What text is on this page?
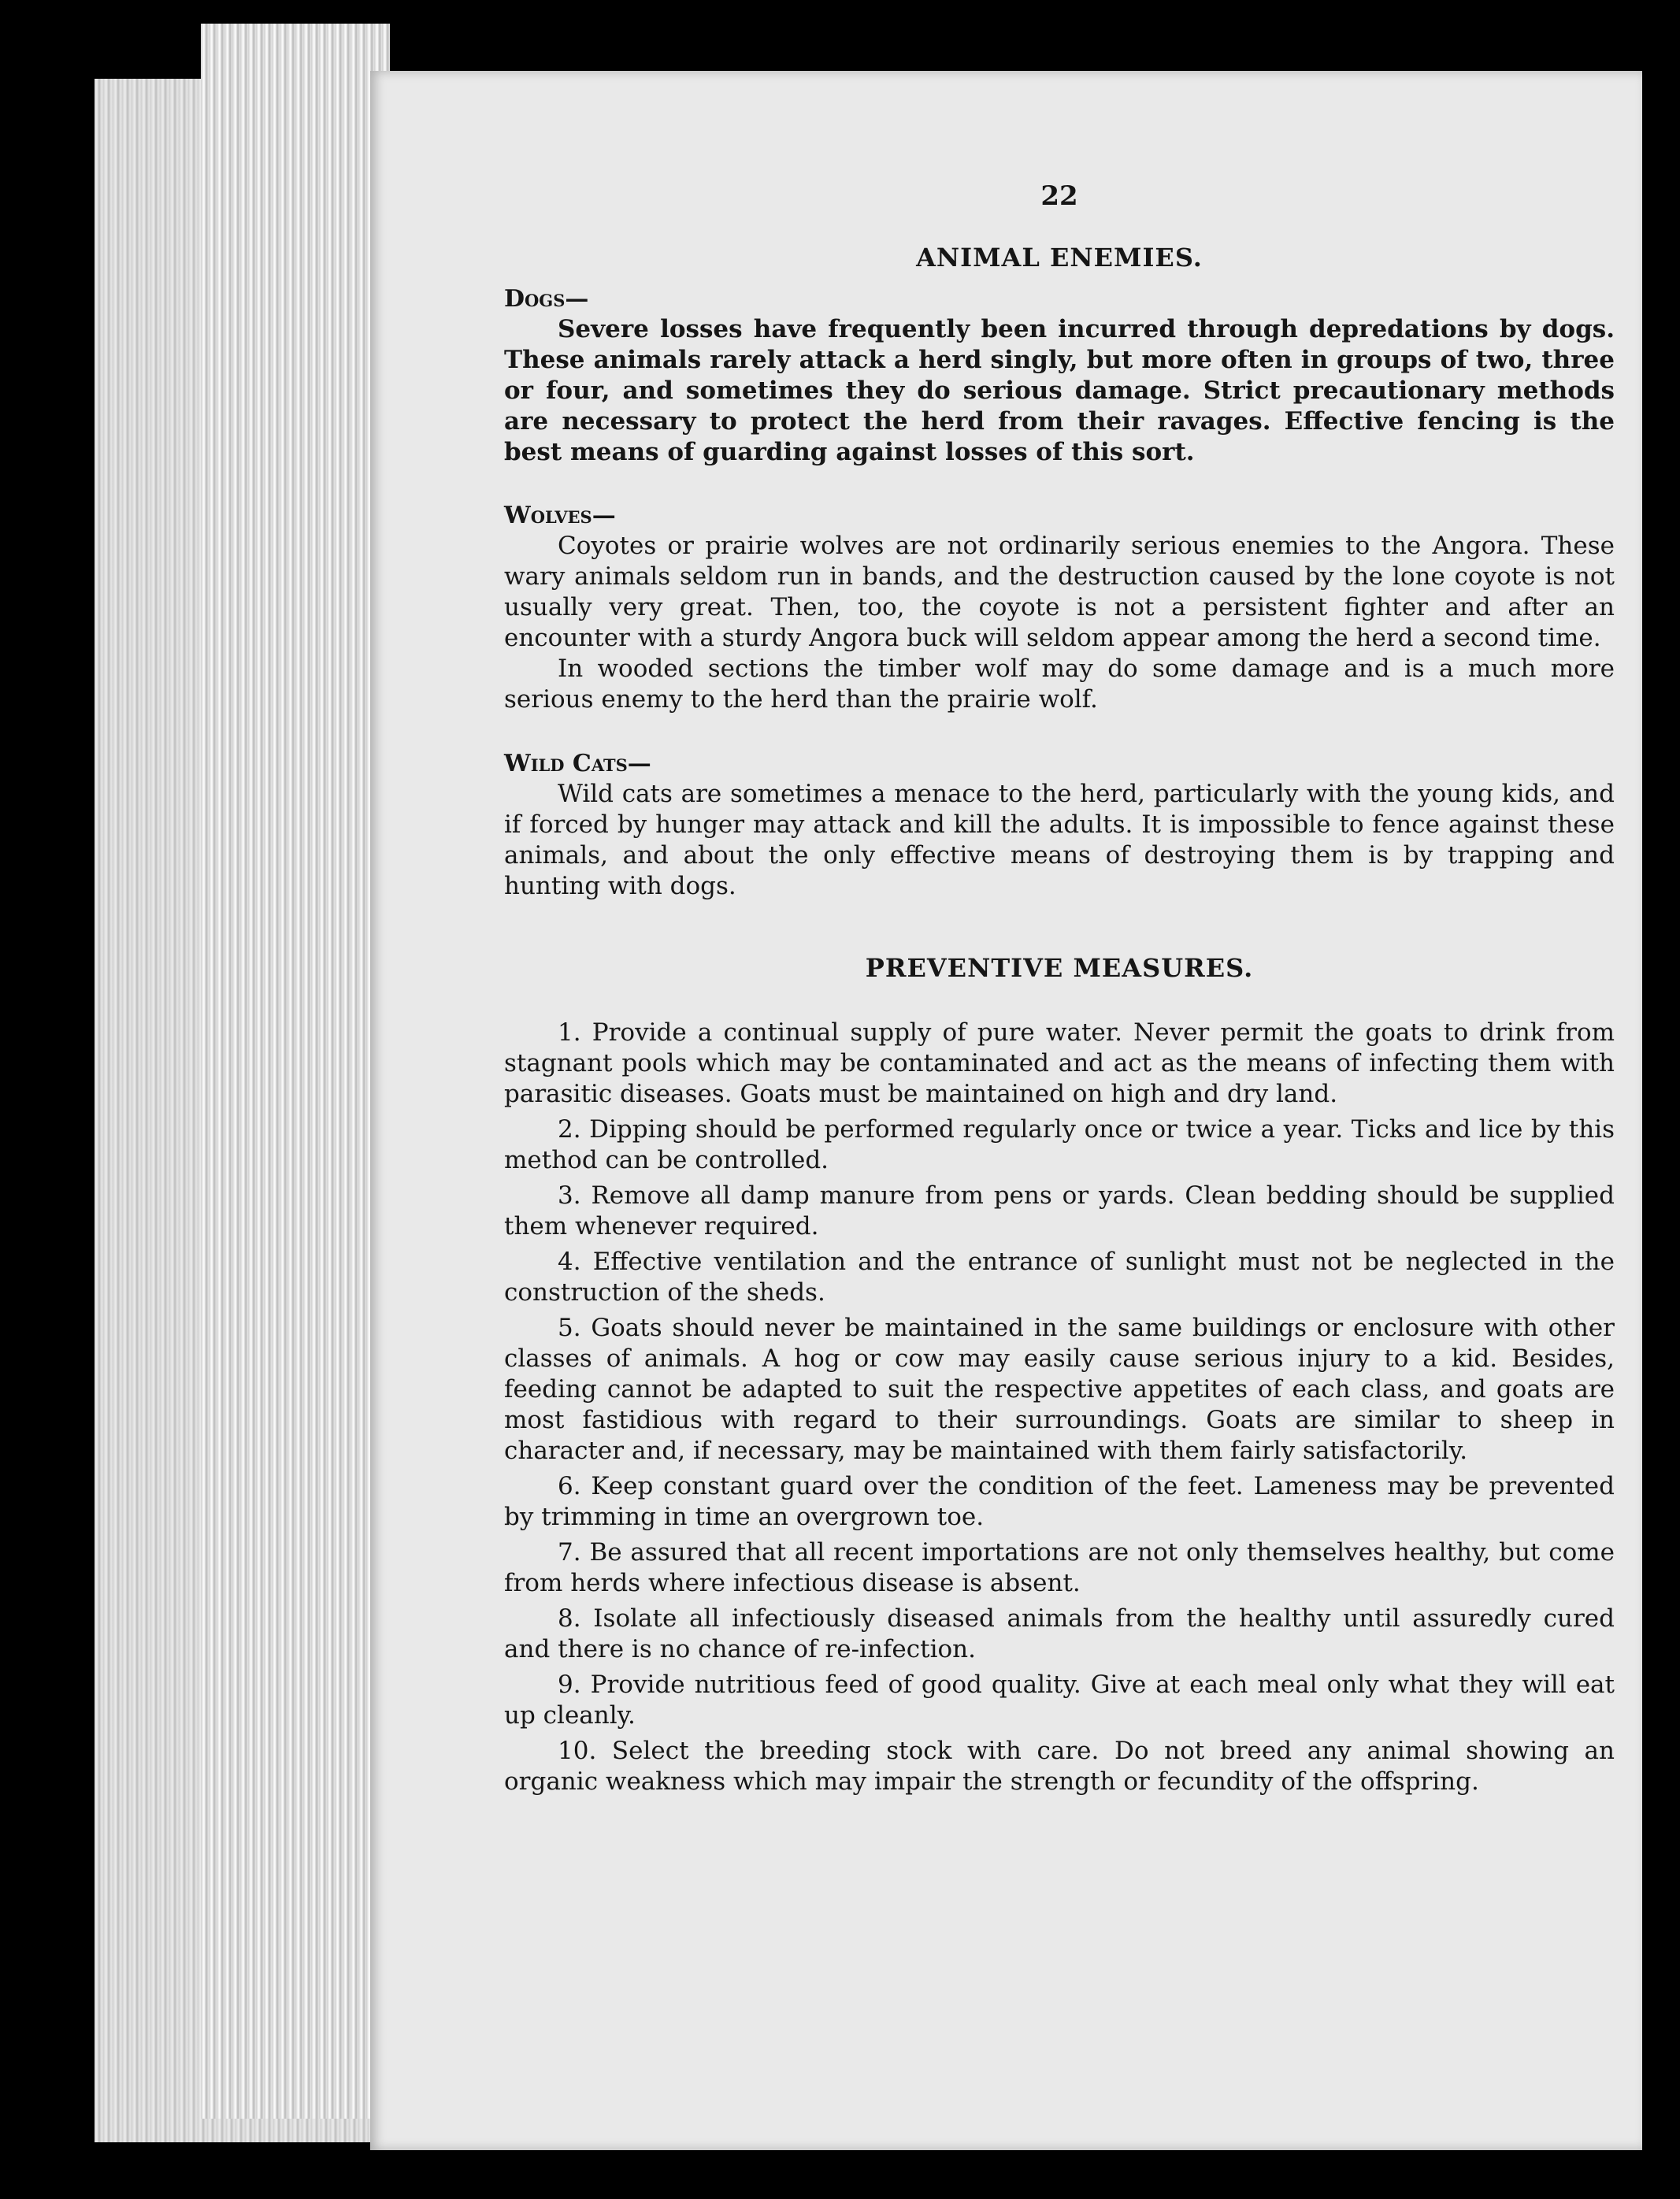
22
ANIMAL ENEMIES.
Dogs—

Severe losses have frequently been incurred through depredations by dogs. These animals rarely attack a herd singly, but more often in groups of two, three or four, and sometimes they do serious damage. Strict precautionary methods are necessary to protect the herd from their ravages. Effective fencing is the best means of guarding against losses of this sort.

Wolves—

Coyotes or prairie wolves are not ordinarily serious enemies to the Angora. These wary animals seldom run in bands, and the destruction caused by the lone coyote is not usually very great. Then, too, the coyote is not a persistent fighter and after an encounter with a sturdy Angora buck will seldom appear among the herd a second time.

In wooded sections the timber wolf may do some damage and is a much more serious enemy to the herd than the prairie wolf.

Wild Cats—

Wild cats are sometimes a menace to the herd, particularly with the young kids, and if forced by hunger may attack and kill the adults. It is impossible to fence against these animals, and about the only effective means of destroying them is by trapping and hunting with dogs.

PREVENTIVE MEASURES.

1. Provide a continual supply of pure water. Never permit the goats to drink from stagnant pools which may be contaminated and act as the means of infecting them with parasitic diseases. Goats must be maintained on high and dry land.

2. Dipping should be performed regularly once or twice a year. Ticks and lice by this method can be controlled.

3. Remove all damp manure from pens or yards. Clean bedding should be supplied them whenever required.

4. Effective ventilation and the entrance of sunlight must not be neglected in the construction of the sheds.

5. Goats should never be maintained in the same buildings or enclosure with other classes of animals. A hog or cow may easily cause serious injury to a kid. Besides, feeding cannot be adapted to suit the respective appetites of each class, and goats are most fastidious with regard to their surroundings. Goats are similar to sheep in character and, if necessary, may be maintained with them fairly satisfactorily.

6. Keep constant guard over the condition of the feet. Lameness may be prevented by trimming in time an overgrown toe.

7. Be assured that all recent importations are not only themselves healthy, but come from herds where infectious disease is absent.

8. Isolate all infectiously diseased animals from the healthy until assuredly cured and there is no chance of re-infection.

9. Provide nutritious feed of good quality. Give at each meal only what they will eat up cleanly.

10. Select the breeding stock with care. Do not breed any animal showing an organic weakness which may impair the strength or fecundity of the offspring.
